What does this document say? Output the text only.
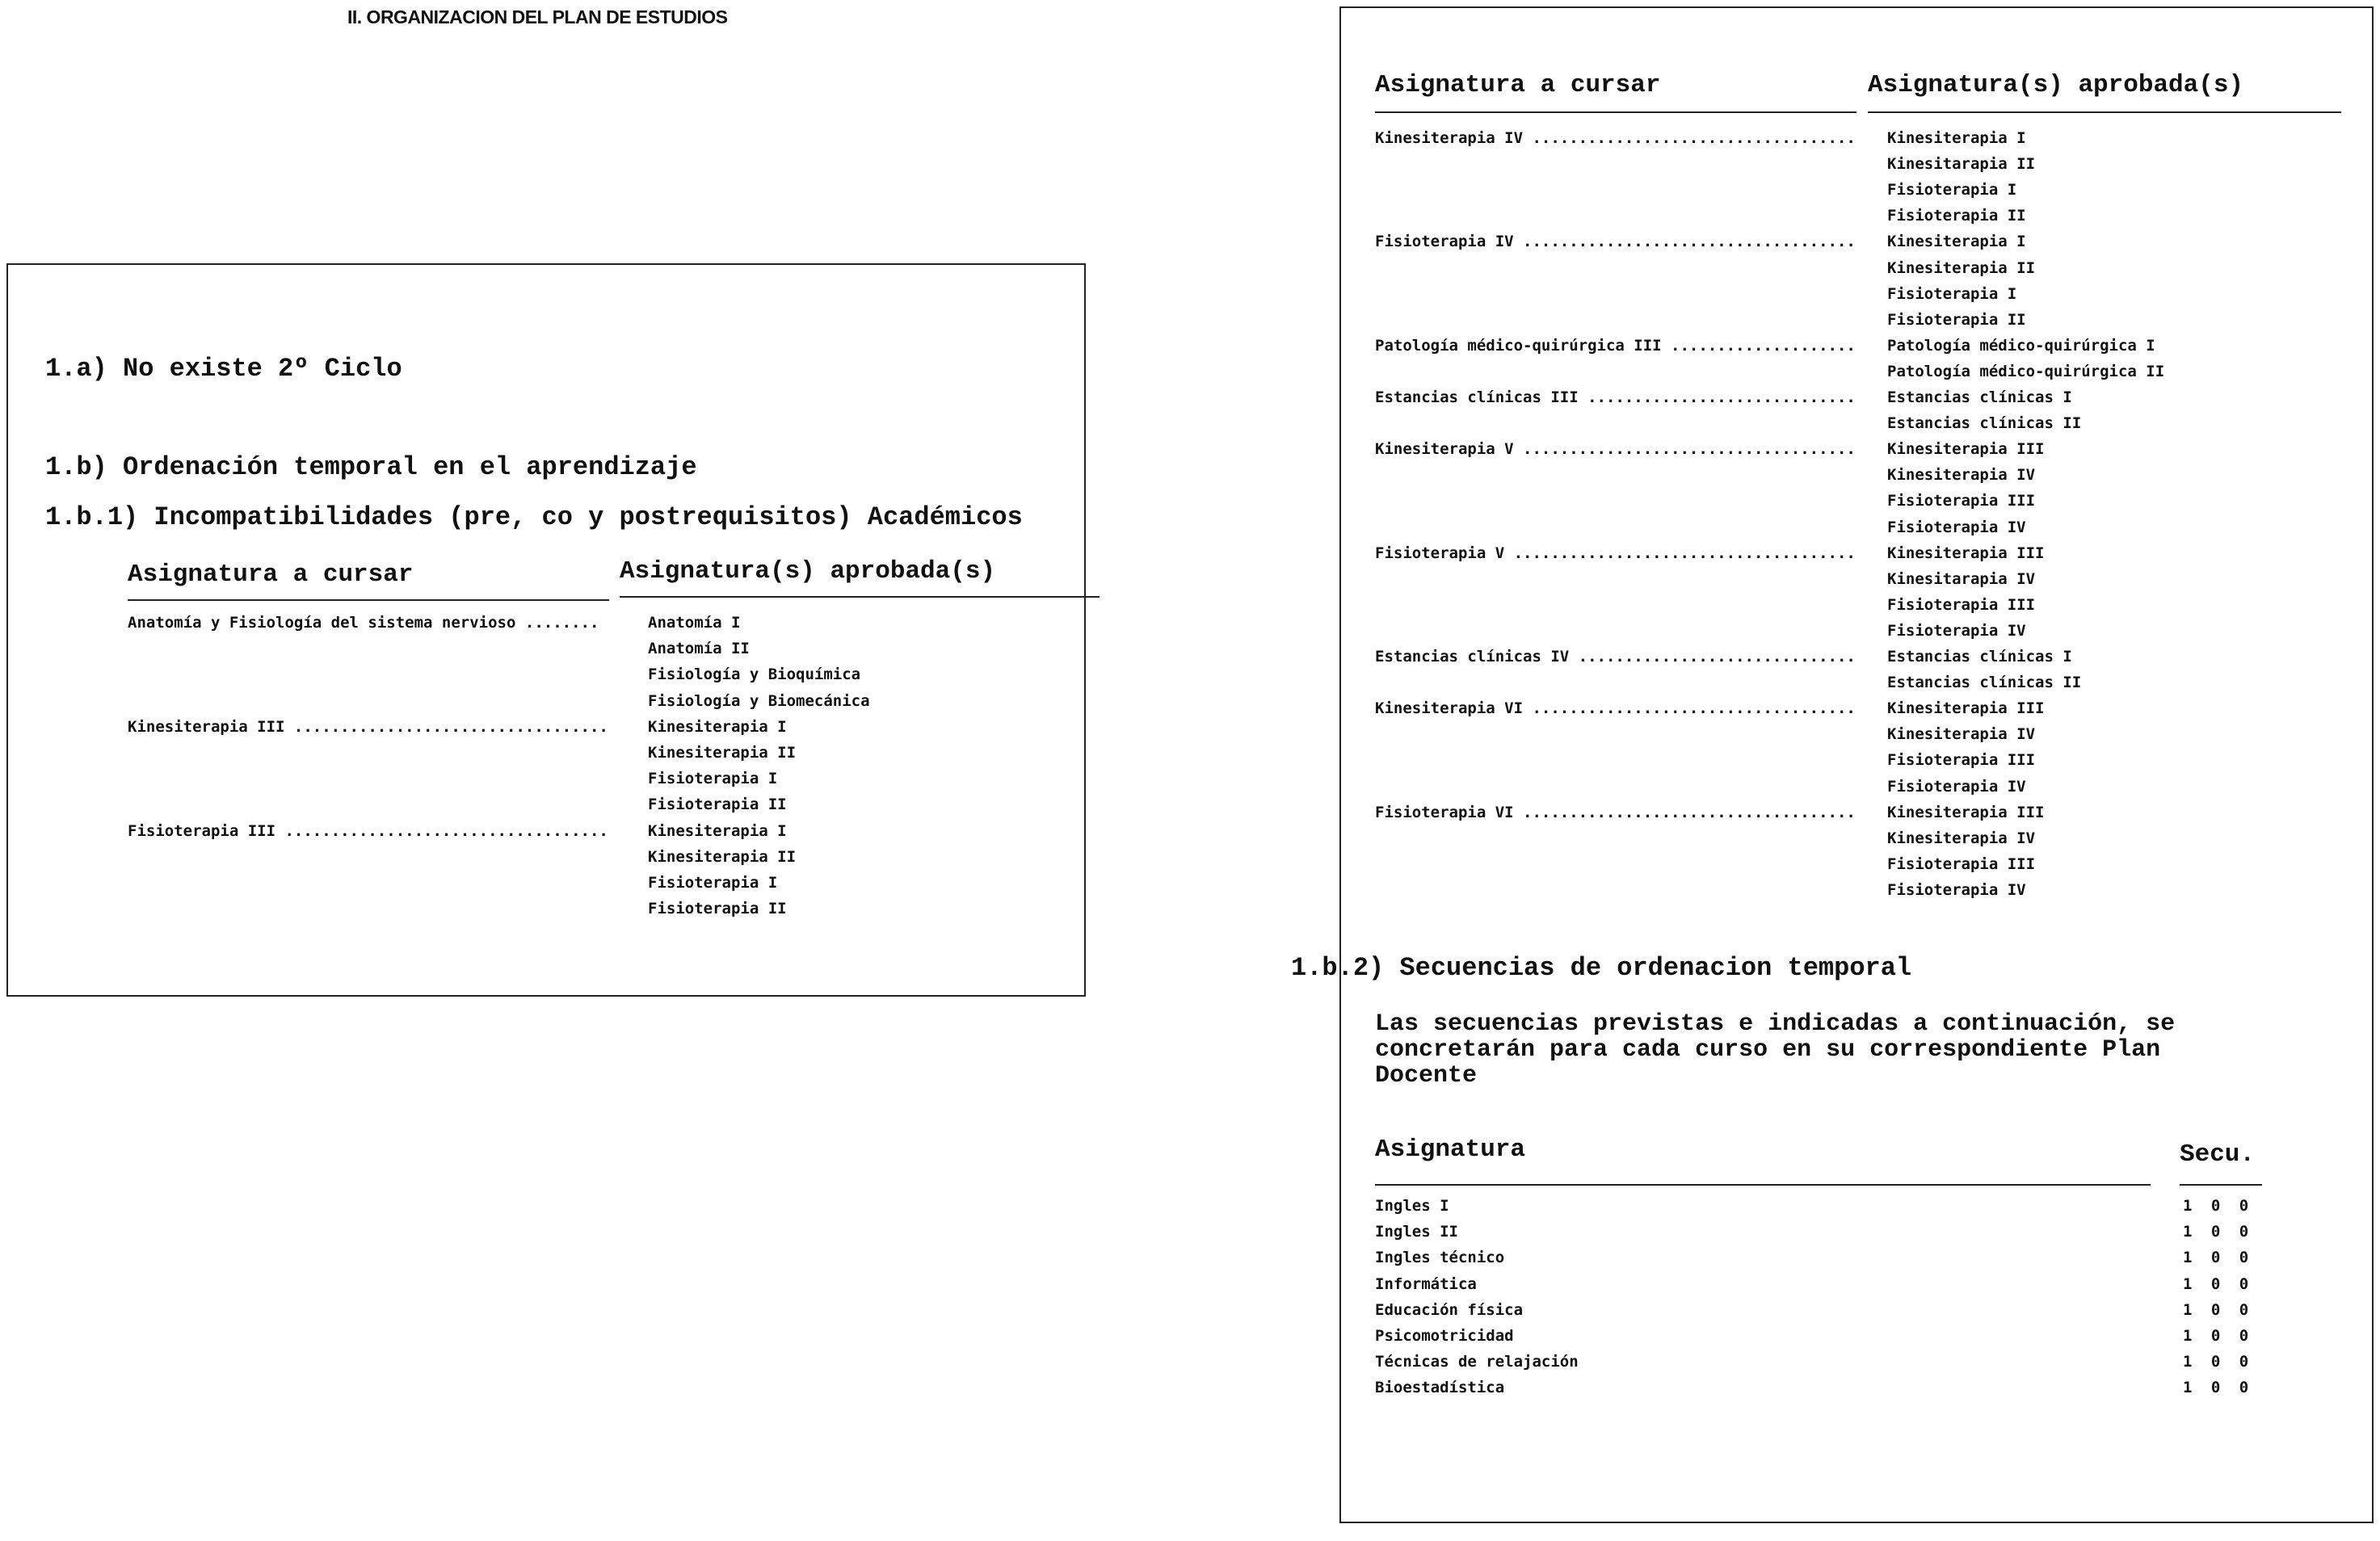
II. ORGANIZACION DEL PLAN DE ESTUDIOS
1.a) No existe 2º Ciclo
1.b) Ordenación temporal en el aprendizaje
1.b.1) Incompatibilidades (pre, co y postrequisitos) Académicos
Asignatura a cursar	Asignatura(s) aprobada(s)
Anatomía y Fisiología del sistema nervioso ........	Anatomía I
Anatomía II
Fisiología y Bioquímica
Fisiología y Biomecánica
Kinesiterapia III ..................................	Kinesiterapia I
Kinesiterapia II
Fisioterapia I
Fisioterapia II
Fisioterapia III ...................................	Kinesiterapia I
Kinesiterapia II
Fisioterapia I
Fisioterapia II
Asignatura a cursar	Asignatura(s) aprobada(s)
Kinesiterapia IV ...................................	Kinesiterapia I
Kinesitarapia II
Fisioterapia I
Fisioterapia II
Fisioterapia IV ....................................	Kinesiterapia I
Kinesiterapia II
Fisioterapia I
Fisioterapia II
Patología médico-quirúrgica III ....................	Patología médico-quirúrgica I
Patología médico-quirúrgica II
Estancias clínicas III .............................	Estancias clínicas I
Estancias clínicas II
Kinesiterapia V ....................................	Kinesiterapia III
Kinesiterapia IV
Fisioterapia III
Fisioterapia IV
Fisioterapia V .....................................	Kinesiterapia III
Kinesitarapia IV
Fisioterapia III
Fisioterapia IV
Estancias clínicas IV ..............................	Estancias clínicas I
Estancias clínicas II
Kinesiterapia VI ...................................	Kinesiterapia III
Kinesiterapia IV
Fisioterapia III
Fisioterapia IV
Fisioterapia VI ....................................	Kinesiterapia III
Kinesiterapia IV
Fisioterapia III
Fisioterapia IV
1.b.2) Secuencias de ordenacion temporal
Las secuencias previstas e indicadas a continuación, se
concretarán para cada curso en su correspondiente Plan
Docente
Asignatura	Secu.
Ingles I	1 0 0
Ingles II	1 0 0
Ingles técnico	1 0 0
Informática	1 0 0
Educación física	1 0 0
Psicomotricidad	1 0 0
Técnicas de relajación	1 0 0
Bioestadística	1 0 0
